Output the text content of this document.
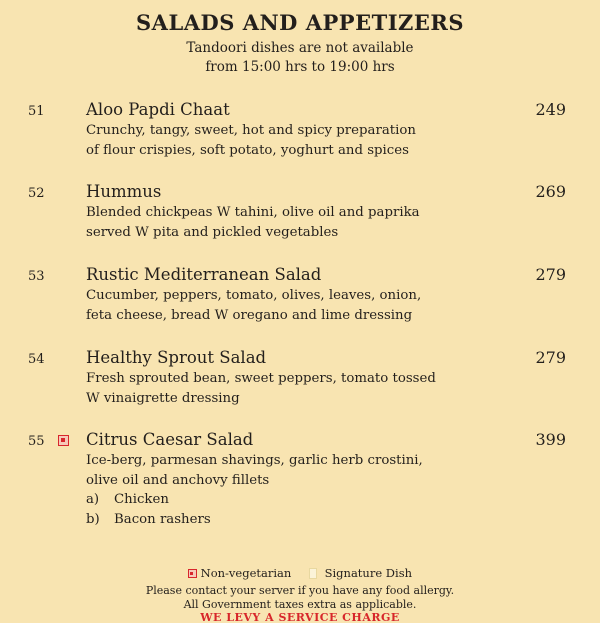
SALADS AND APPETIZERS
Tandoori dishes are not available
from 15:00 hrs to 19:00 hrs
51	Aloo Papdi Chaat	249
Crunchy, tangy, sweet, hot and spicy preparation
of flour crispies, soft potato, yoghurt and spices
52	Hummus	269
Blended chickpeas W tahini, olive oil and paprika
served W pita and pickled vegetables
53	Rustic Mediterranean Salad	279
Cucumber, peppers, tomato, olives, leaves, onion,
feta cheese, bread W oregano and lime dressing
54	Healthy Sprout Salad	279
Fresh sprouted bean, sweet peppers, tomato tossed
W vinaigrette dressing
55	Citrus Caesar Salad	399
Ice-berg, parmesan shavings, garlic herb crostini,
olive oil and anchovy fillets
a) Chicken
b) Bacon rashers
Non-vegetarian	Signature Dish
Please contact your server if you have any food allergy.
All Government taxes extra as applicable.
WE LEVY A SERVICE CHARGE
